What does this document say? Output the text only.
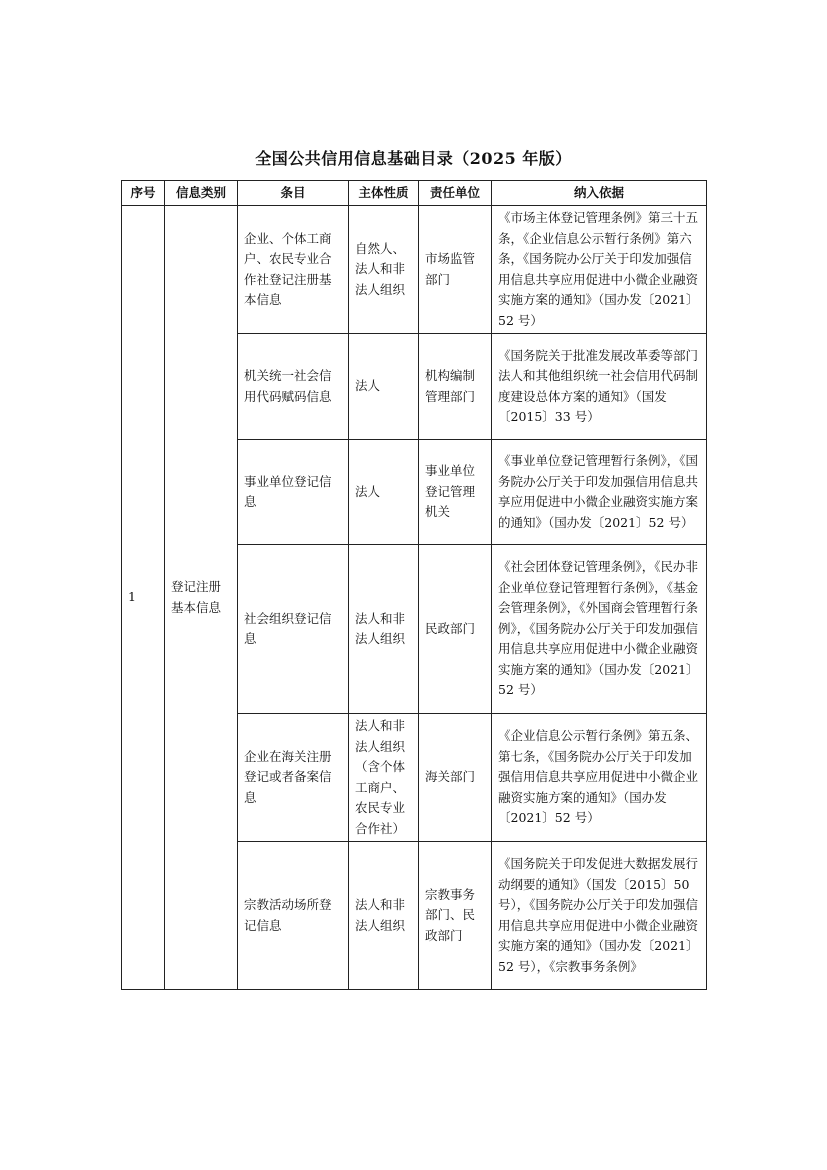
全国公共信用信息基础目录（2025 年版）
序号	信息类别	条目	主体性质	责任单位	纳入依据
1	登记注册基本信息	企业、个体工商户、农民专业合作社登记注册基本信息	自然人、法人和非法人组织	市场监管部门	《市场主体登记管理条例》第三十五条，《企业信息公示暂行条例》第六条，《国务院办公厅关于印发加强信用信息共享应用促进中小微企业融资实施方案的通知》（国办发〔2021〕52 号）
		机关统一社会信用代码赋码信息	法人	机构编制管理部门	《国务院关于批准发展改革委等部门法人和其他组织统一社会信用代码制度建设总体方案的通知》（国发〔2015〕33 号）
		事业单位登记信息	法人	事业单位登记管理机关	《事业单位登记管理暂行条例》，《国务院办公厅关于印发加强信用信息共享应用促进中小微企业融资实施方案的通知》（国办发〔2021〕52 号）
		社会组织登记信息	法人和非法人组织	民政部门	《社会团体登记管理条例》，《民办非企业单位登记管理暂行条例》，《基金会管理条例》，《外国商会管理暂行条例》，《国务院办公厅关于印发加强信用信息共享应用促进中小微企业融资实施方案的通知》（国办发〔2021〕52 号）
		企业在海关注册登记或者备案信息	法人和非法人组织（含个体工商户、农民专业合作社）	海关部门	《企业信息公示暂行条例》第五条、第七条，《国务院办公厅关于印发加强信用信息共享应用促进中小微企业融资实施方案的通知》（国办发〔2021〕52 号）
		宗教活动场所登记信息	法人和非法人组织	宗教事务部门、民政部门	《国务院关于印发促进大数据发展行动纲要的通知》（国发〔2015〕50 号），《国务院办公厅关于印发加强信用信息共享应用促进中小微企业融资实施方案的通知》（国办发〔2021〕52 号），《宗教事务条例》
